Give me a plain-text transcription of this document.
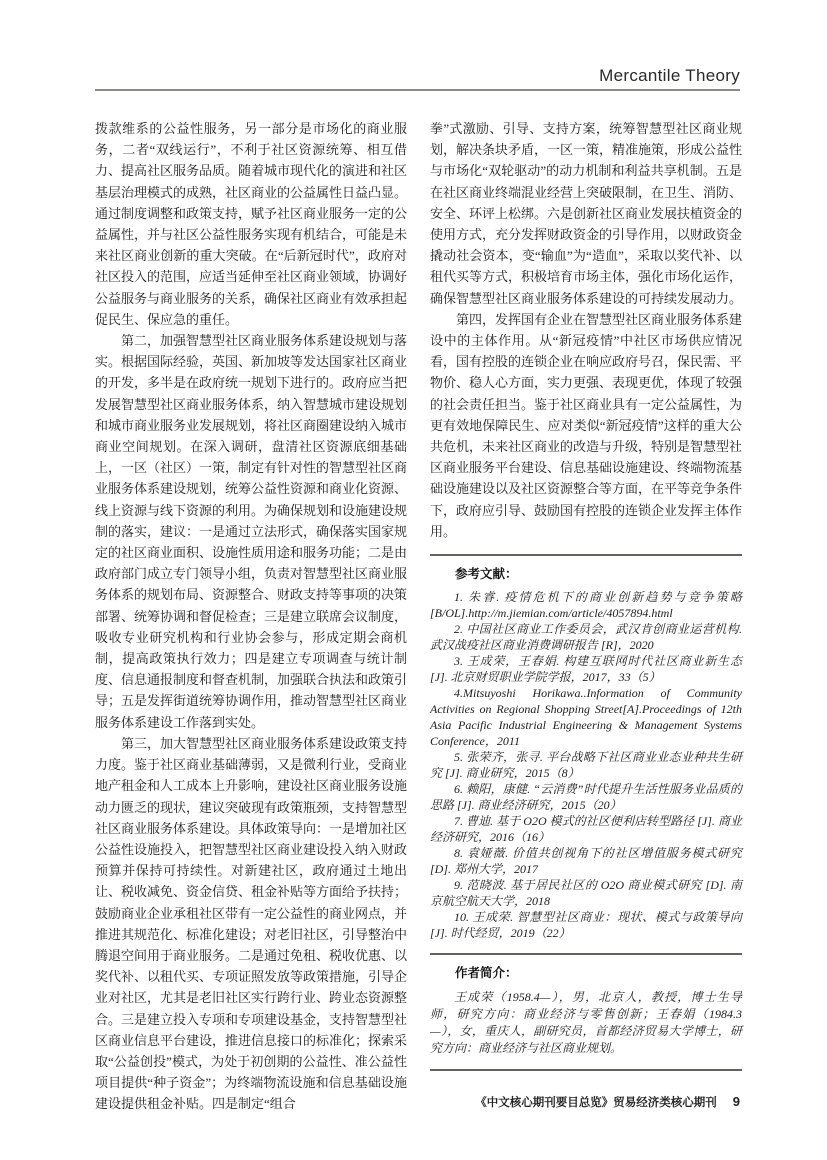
Mercantile Theory

拨款维系的公益性服务，另一部分是市场化的商业服务，二者“双线运行”，不利于社区资源统筹、相互借力、提高社区服务品质。随着城市现代化的演进和社区基层治理模式的成熟，社区商业的公益属性日益凸显。通过制度调整和政策支持，赋予社区商业服务一定的公益属性，并与社区公益性服务实现有机结合，可能是未来社区商业创新的重大突破。在“后新冠时代”，政府对社区投入的范围，应适当延伸至社区商业领域，协调好公益服务与商业服务的关系，确保社区商业有效承担起促民生、保应急的重任。

第二，加强智慧型社区商业服务体系建设规划与落实。根据国际经验，英国、新加坡等发达国家社区商业的开发，多半是在政府统一规划下进行的。政府应当把发展智慧型社区商业服务体系，纳入智慧城市建设规划和城市商业服务业发展规划，将社区商圈建设纳入城市商业空间规划。在深入调研，盘清社区资源底细基础上，一区（社区）一策，制定有针对性的智慧型社区商业服务体系建设规划，统筹公益性资源和商业化资源、线上资源与线下资源的利用。为确保规划和设施建设规制的落实，建议：一是通过立法形式，确保落实国家规定的社区商业面积、设施性质用途和服务功能；二是由政府部门成立专门领导小组，负责对智慧型社区商业服务体系的规划布局、资源整合、财政支持等事项的决策部署、统筹协调和督促检查；三是建立联席会议制度，吸收专业研究机构和行业协会参与，形成定期会商机制，提高政策执行效力；四是建立专项调查与统计制度、信息通报制度和督查机制，加强联合执法和政策引导；五是发挥街道统筹协调作用，推动智慧型社区商业服务体系建设工作落到实处。

第三，加大智慧型社区商业服务体系建设政策支持力度。鉴于社区商业基础薄弱，又是微利行业，受商业地产租金和人工成本上升影响，建设社区商业服务设施动力匮乏的现状，建议突破现有政策瓶颈，支持智慧型社区商业服务体系建设。具体政策导向：一是增加社区公益性设施投入，把智慧型社区商业建设投入纳入财政预算并保持可持续性。对新建社区，政府通过土地出让、税收减免、资金信贷、租金补贴等方面给予扶持；鼓励商业企业承租社区带有一定公益性的商业网点，并推进其规范化、标准化建设；对老旧社区，引导整治中腾退空间用于商业服务。二是通过免租、税收优惠、以奖代补、以租代买、专项证照发放等政策措施，引导企业对社区，尤其是老旧社区实行跨行业、跨业态资源整合。三是建立投入专项和专项建设基金，支持智慧型社区商业信息平台建设，推进信息接口的标准化；探索采取“公益创投”模式，为处于初创期的公益性、准公益性项目提供“种子资金”；为终端物流设施和信息基础设施建设提供租金补贴。四是制定“组合

拳”式激励、引导、支持方案，统筹智慧型社区商业规划，解决条块矛盾，一区一策，精准施策，形成公益性与市场化“双轮驱动”的动力机制和利益共享机制。五是在社区商业终端混业经营上突破限制，在卫生、消防、安全、环评上松绑。六是创新社区商业发展扶植资金的使用方式，充分发挥财政资金的引导作用，以财政资金撬动社会资本，变“输血”为“造血”，采取以奖代补、以租代买等方式，积极培育市场主体，强化市场化运作，确保智慧型社区商业服务体系建设的可持续发展动力。

第四，发挥国有企业在智慧型社区商业服务体系建设中的主体作用。从“新冠疫情”中社区市场供应情况看，国有控股的连锁企业在响应政府号召，保民需、平物价、稳人心方面，实力更强、表现更优，体现了较强的社会责任担当。鉴于社区商业具有一定公益属性，为更有效地保障民生、应对类似“新冠疫情”这样的重大公共危机，未来社区商业的改造与升级，特别是智慧型社区商业服务平台建设、信息基础设施建设、终端物流基础设施建设以及社区资源整合等方面，在平等竞争条件下，政府应引导、鼓励国有控股的连锁企业发挥主体作用。

参考文献：

1. 朱睿. 疫情危机下的商业创新趋势与竞争策略 [B/OL].http://m.jiemian.com/article/4057894.html

2. 中国社区商业工作委员会，武汉肯创商业运营机构. 武汉战疫社区商业消费调研报告 [R]，2020

3. 王成荣，王春娟. 构建互联网时代社区商业新生态 [J]. 北京财贸职业学院学报，2017，33（5）

4.Mitsuyoshi Horikawa..Information of Community Activities on Regional Shopping Street[A].Proceedings of 12th Asia Pacific Industrial Engineering & Management Systems Conference，2011

5. 张荣齐，张寻. 平台战略下社区商业业态业种共生研究 [J]. 商业研究，2015（8）

6. 赖阳，康健. “云消费”时代提升生活性服务业品质的思路 [J]. 商业经济研究，2015（20）

7. 曹迪. 基于 O2O 模式的社区便利店转型路径 [J]. 商业经济研究，2016（16）

8. 袁娅薇. 价值共创视角下的社区增值服务模式研究 [D]. 郑州大学，2017

9. 范晓波. 基于居民社区的 O2O 商业模式研究 [D]. 南京航空航天大学，2018

10. 王成荣. 智慧型社区商业：现状、模式与政策导向 [J]. 时代经贸，2019（22）

作者简介：

王成荣（1958.4—），男，北京人，教授，博士生导师，研究方向：商业经济与零售创新；王春娟（1984.3—），女，重庆人，副研究员，首都经济贸易大学博士，研究方向：商业经济与社区商业规划。

《中文核心期刊要目总览》贸易经济类核心期刊 9
